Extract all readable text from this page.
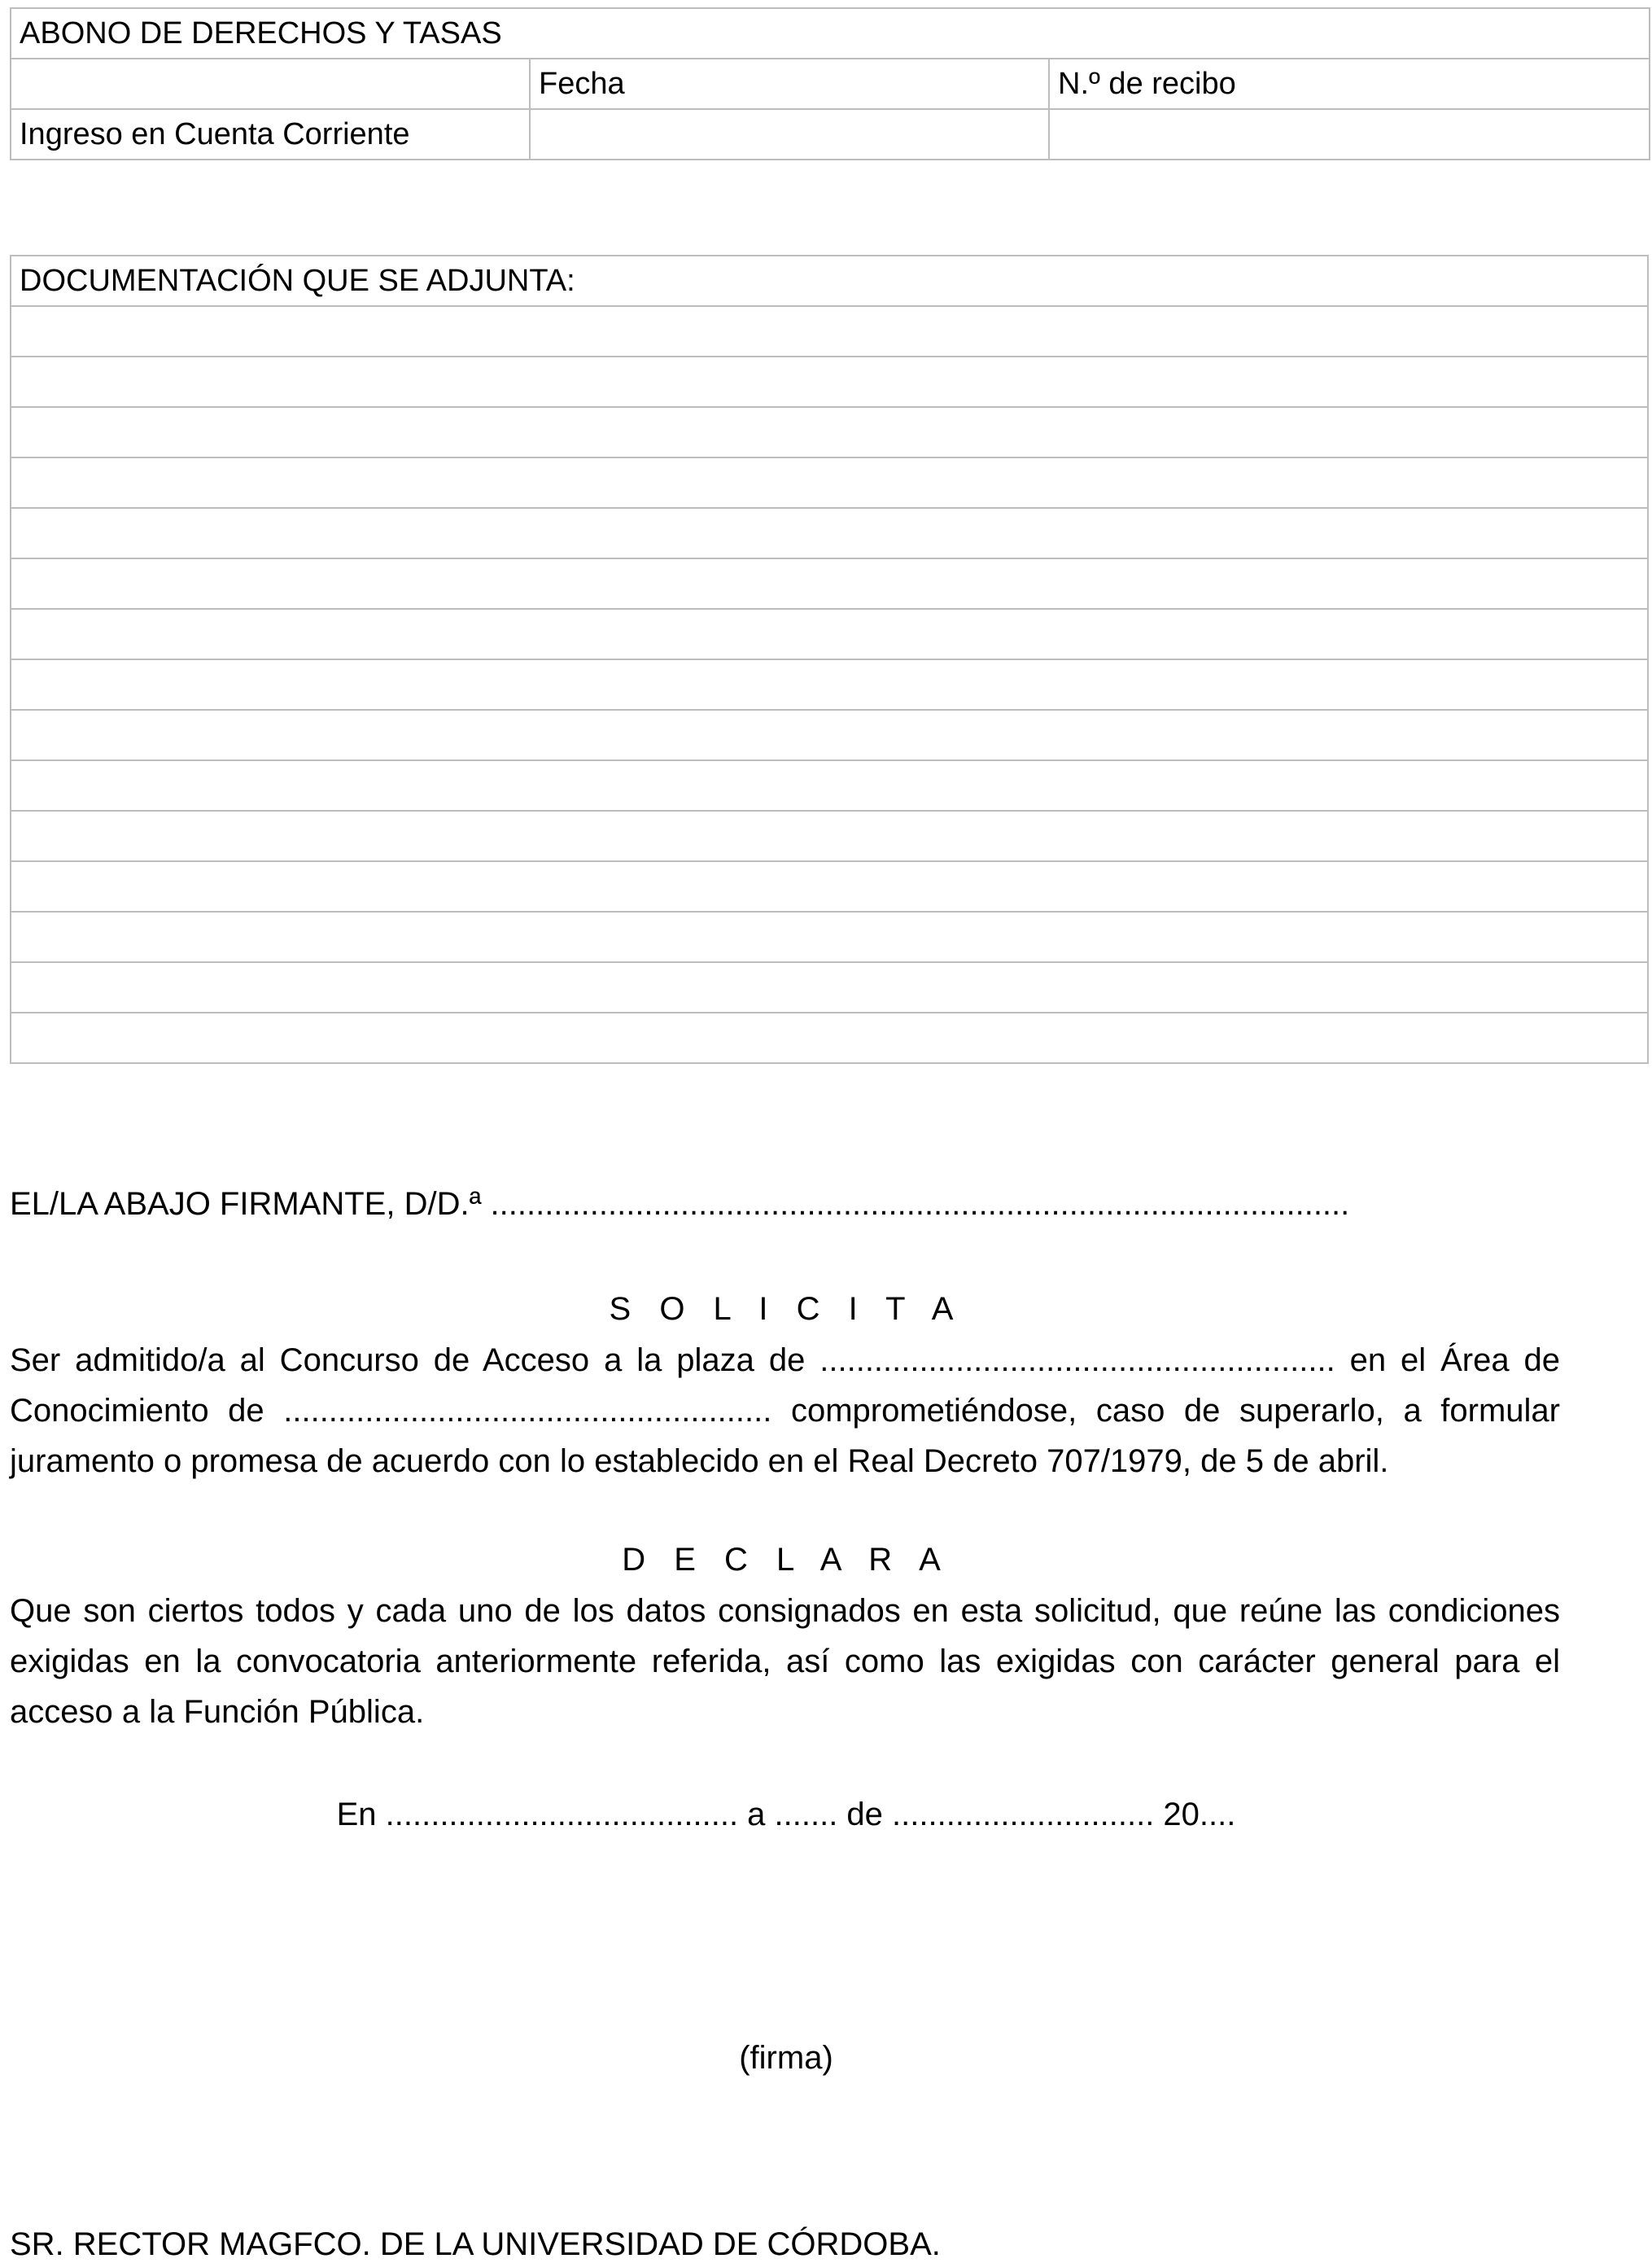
ABONO DE DERECHOS Y TASAS		
	Fecha	N.º de recibo
Ingreso en Cuenta Corriente		
DOCUMENTACIÓN QUE SE ADJUNTA:

EL/LA ABAJO FIRMANTE, D/D.ª ...............................................................................................
S O L I C I T A
Ser admitido/a al Concurso de Acceso a la plaza de ......................................................... en el Área de
Conocimiento de ...................................................... comprometiéndose, caso de superarlo, a formular
juramento o promesa de acuerdo con lo establecido en el Real Decreto 707/1979, de 5 de abril.
D E C L A R A
Que son ciertos todos y cada uno de los datos consignados en esta solicitud, que reúne las condiciones
exigidas en la convocatoria anteriormente referida, así como las exigidas con carácter general para el
acceso a la Función Pública.
En ....................................... a ....... de ............................. 20....
(firma)
SR. RECTOR MAGFCO. DE LA UNIVERSIDAD DE CÓRDOBA.
